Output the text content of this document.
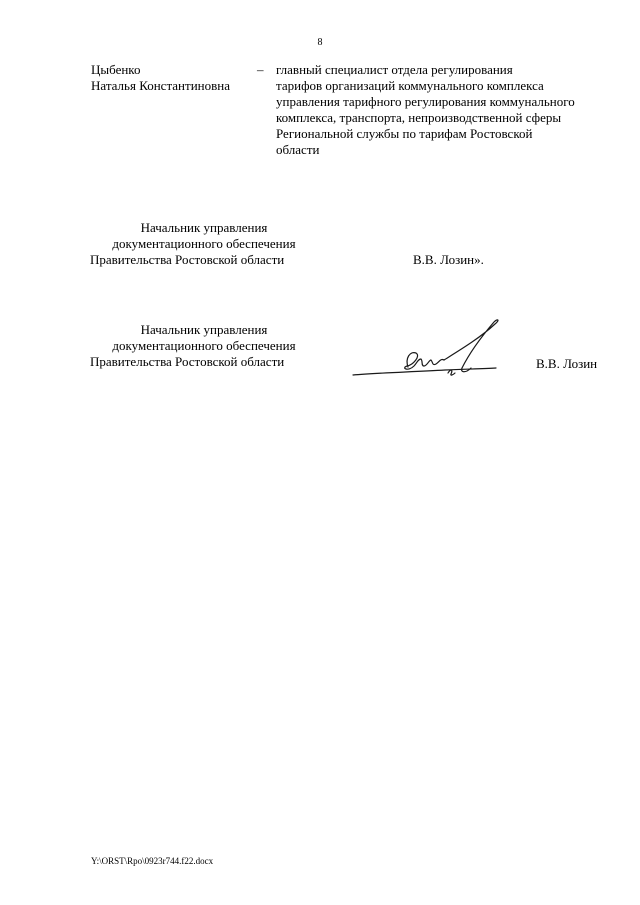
8
Цыбенко
Наталья Константиновна
– главный специалист отдела регулирования
тарифов организаций коммунального комплекса
управления тарифного регулирования коммунального
комплекса, транспорта, непроизводственной сферы
Региональной службы по тарифам Ростовской
области
Начальник управления
документационного обеспечения
Правительства Ростовской области	В.В. Лозин».
Начальник управления
документационного обеспечения
Правительства Ростовской области	В.В. Лозин
Y:\ORST\Rpo\0923r744.f22.docx
